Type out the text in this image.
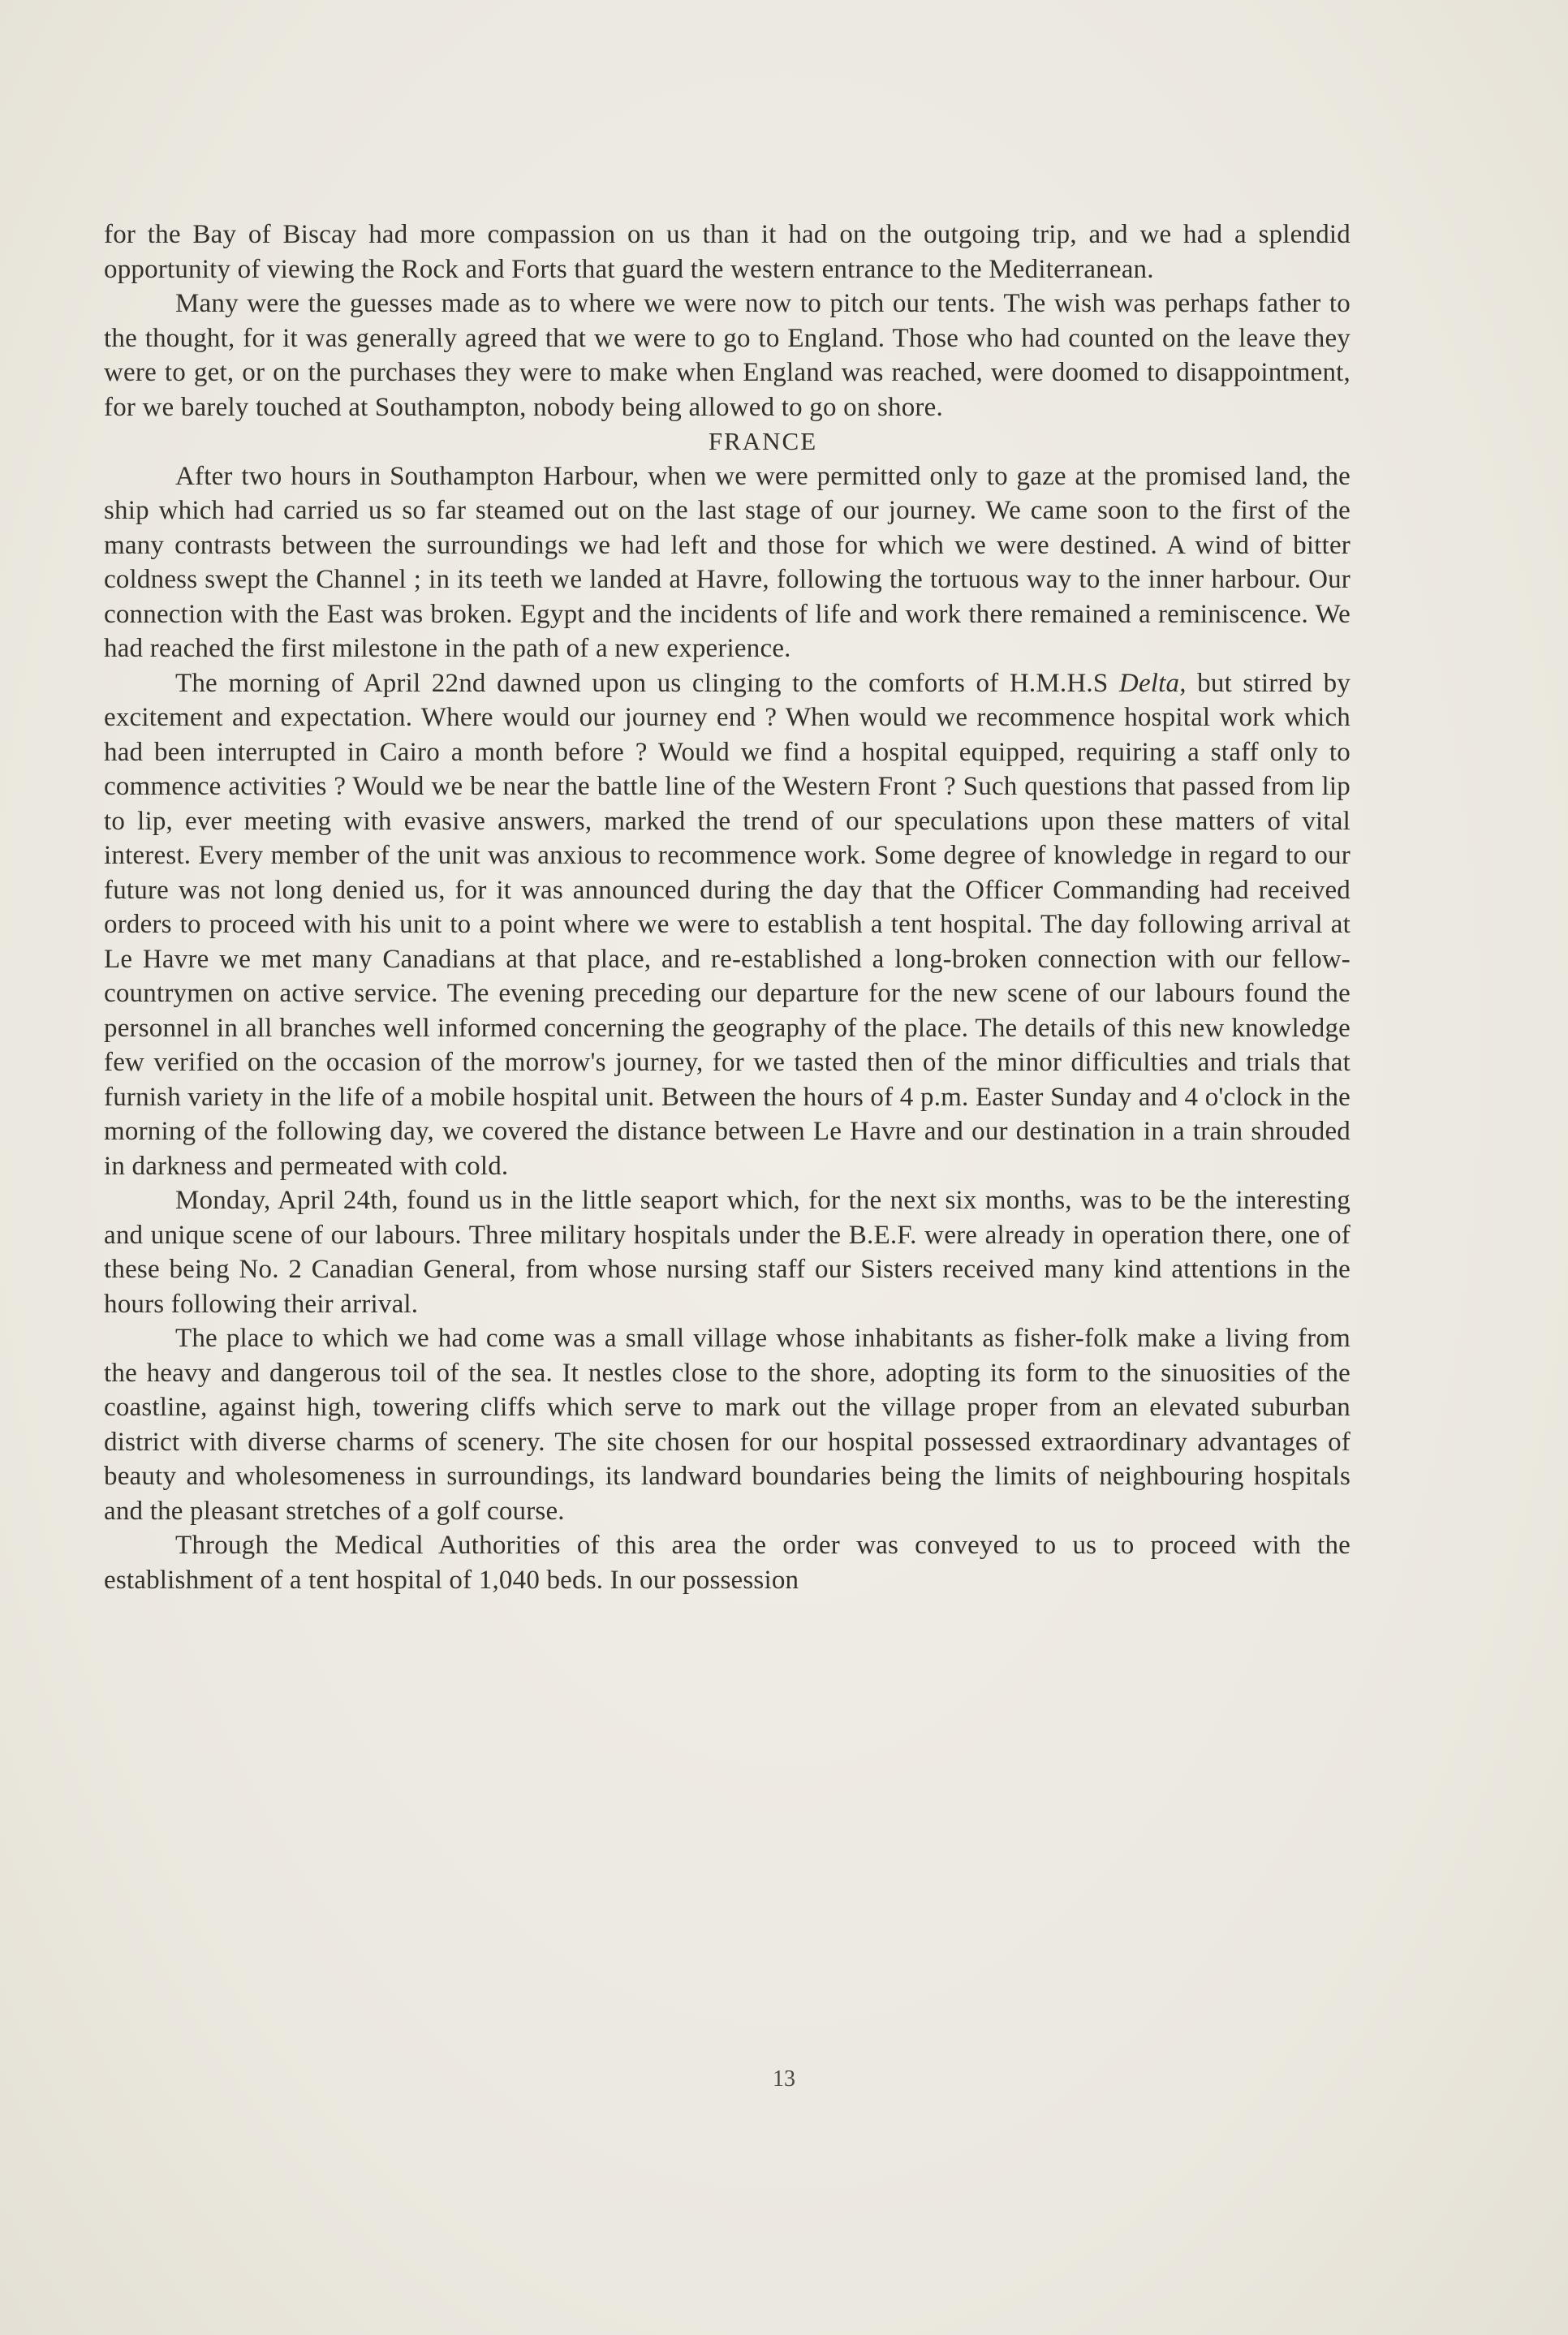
for the Bay of Biscay had more compassion on us than it had on the outgoing trip, and we had a splendid opportunity of viewing the Rock and Forts that guard the western entrance to the Mediterranean.

Many were the guesses made as to where we were now to pitch our tents. The wish was perhaps father to the thought, for it was generally agreed that we were to go to England. Those who had counted on the leave they were to get, or on the purchases they were to make when England was reached, were doomed to disappointment, for we barely touched at Southampton, nobody being allowed to go on shore.

FRANCE

After two hours in Southampton Harbour, when we were permitted only to gaze at the promised land, the ship which had carried us so far steamed out on the last stage of our journey. We came soon to the first of the many contrasts between the surroundings we had left and those for which we were destined. A wind of bitter coldness swept the Channel ; in its teeth we landed at Havre, following the tortuous way to the inner harbour. Our connection with the East was broken. Egypt and the incidents of life and work there remained a reminiscence. We had reached the first milestone in the path of a new experience.

The morning of April 22nd dawned upon us clinging to the comforts of H.M.H.S Delta, but stirred by excitement and expectation. Where would our journey end ? When would we recommence hospital work which had been interrupted in Cairo a month before ? Would we find a hospital equipped, requiring a staff only to commence activities ? Would we be near the battle line of the Western Front ? Such questions that passed from lip to lip, ever meeting with evasive answers, marked the trend of our speculations upon these matters of vital interest. Every member of the unit was anxious to recommence work. Some degree of knowledge in regard to our future was not long denied us, for it was announced during the day that the Officer Commanding had received orders to proceed with his unit to a point where we were to establish a tent hospital. The day following arrival at Le Havre we met many Canadians at that place, and re-established a long-broken connection with our fellow-countrymen on active service. The evening preceding our departure for the new scene of our labours found the personnel in all branches well informed concerning the geography of the place. The details of this new knowledge few verified on the occasion of the morrow's journey, for we tasted then of the minor difficulties and trials that furnish variety in the life of a mobile hospital unit. Between the hours of 4 p.m. Easter Sunday and 4 o'clock in the morning of the following day, we covered the distance between Le Havre and our destination in a train shrouded in darkness and permeated with cold.

Monday, April 24th, found us in the little seaport which, for the next six months, was to be the interesting and unique scene of our labours. Three military hospitals under the B.E.F. were already in operation there, one of these being No. 2 Canadian General, from whose nursing staff our Sisters received many kind attentions in the hours following their arrival.

The place to which we had come was a small village whose inhabitants as fisher-folk make a living from the heavy and dangerous toil of the sea. It nestles close to the shore, adopting its form to the sinuosities of the coastline, against high, towering cliffs which serve to mark out the village proper from an elevated suburban district with diverse charms of scenery. The site chosen for our hospital possessed extraordinary advantages of beauty and wholesomeness in surroundings, its landward boundaries being the limits of neighbouring hospitals and the pleasant stretches of a golf course.

Through the Medical Authorities of this area the order was conveyed to us to proceed with the establishment of a tent hospital of 1,040 beds. In our possession

13
